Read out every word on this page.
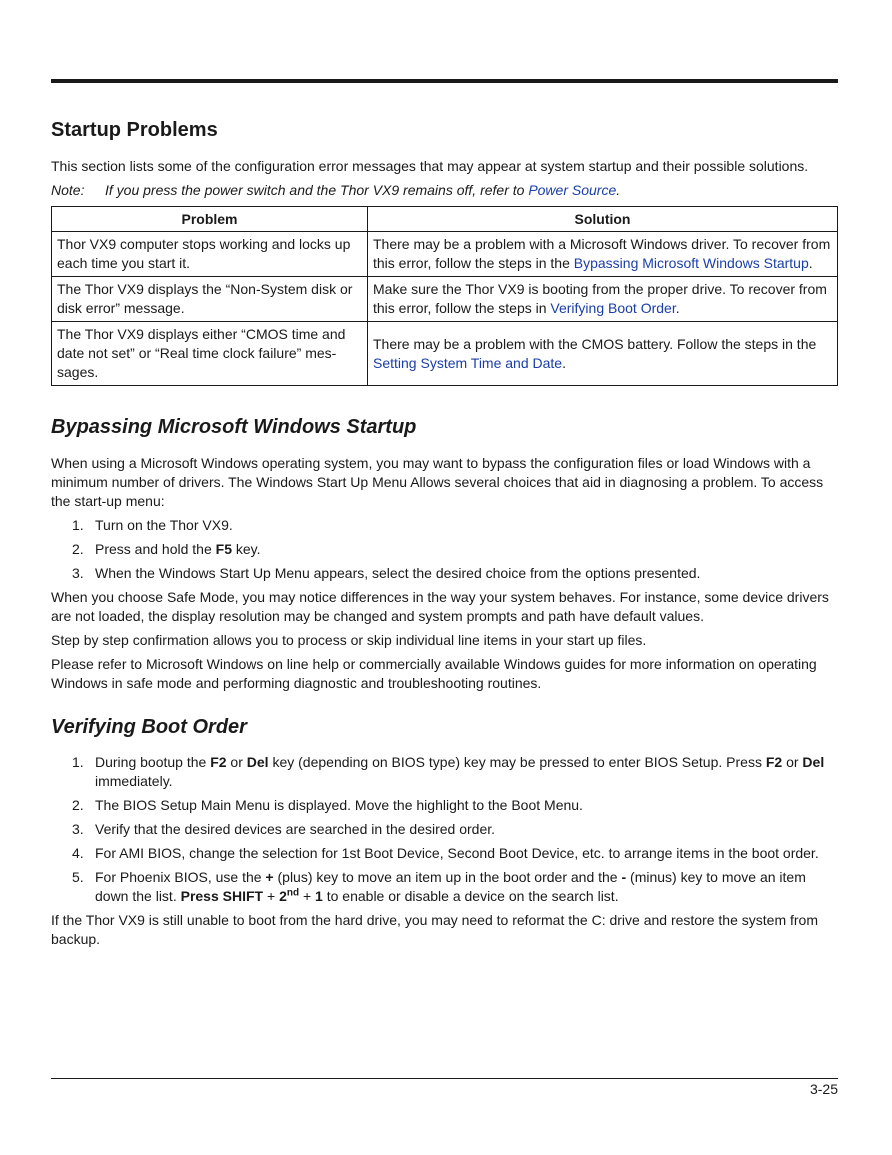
Startup Problems

This section lists some of the configuration error messages that may appear at system startup and their possible solutions.

Note: If you press the power switch and the Thor VX9 remains off, refer to Power Source.

Problem	Solution
Thor VX9 computer stops working and locks up each time you start it.	There may be a problem with a Microsoft Windows driver. To recover from this error, follow the steps in the Bypassing Microsoft Windows Startup.
The Thor VX9 displays the “Non-System disk or disk error” message.	Make sure the Thor VX9 is booting from the proper drive. To recover from this error, follow the steps in Verifying Boot Order.
The Thor VX9 displays either “CMOS time and date not set” or “Real time clock failure” mes-sages.	There may be a problem with the CMOS battery. Follow the steps in the Setting System Time and Date.
Bypassing Microsoft Windows Startup

When using a Microsoft Windows operating system, you may want to bypass the configuration files or load Windows with a minimum number of drivers. The Windows Start Up Menu Allows several choices that aid in diagnosing a problem. To access the start-up menu:

1. Turn on the Thor VX9.
2. Press and hold the F5 key.
3. When the Windows Start Up Menu appears, select the desired choice from the options presented.

When you choose Safe Mode, you may notice differences in the way your system behaves. For instance, some device drivers are not loaded, the display resolution may be changed and system prompts and path have default values.

Step by step confirmation allows you to process or skip individual line items in your start up files.

Please refer to Microsoft Windows on line help or commercially available Windows guides for more information on operating Windows in safe mode and performing diagnostic and troubleshooting routines.

Verifying Boot Order
1. During bootup the F2 or Del key (depending on BIOS type) key may be pressed to enter BIOS Setup. Press F2 or Del immediately.
2. The BIOS Setup Main Menu is displayed. Move the highlight to the Boot Menu.
3. Verify that the desired devices are searched in the desired order.
4. For AMI BIOS, change the selection for 1st Boot Device, Second Boot Device, etc. to arrange items in the boot order.
5. For Phoenix BIOS, use the + (plus) key to move an item up in the boot order and the - (minus) key to move an item down the list. Press SHIFT + 2nd + 1 to enable or disable a device on the search list.

If the Thor VX9 is still unable to boot from the hard drive, you may need to reformat the C: drive and restore the system from backup.

3-25
